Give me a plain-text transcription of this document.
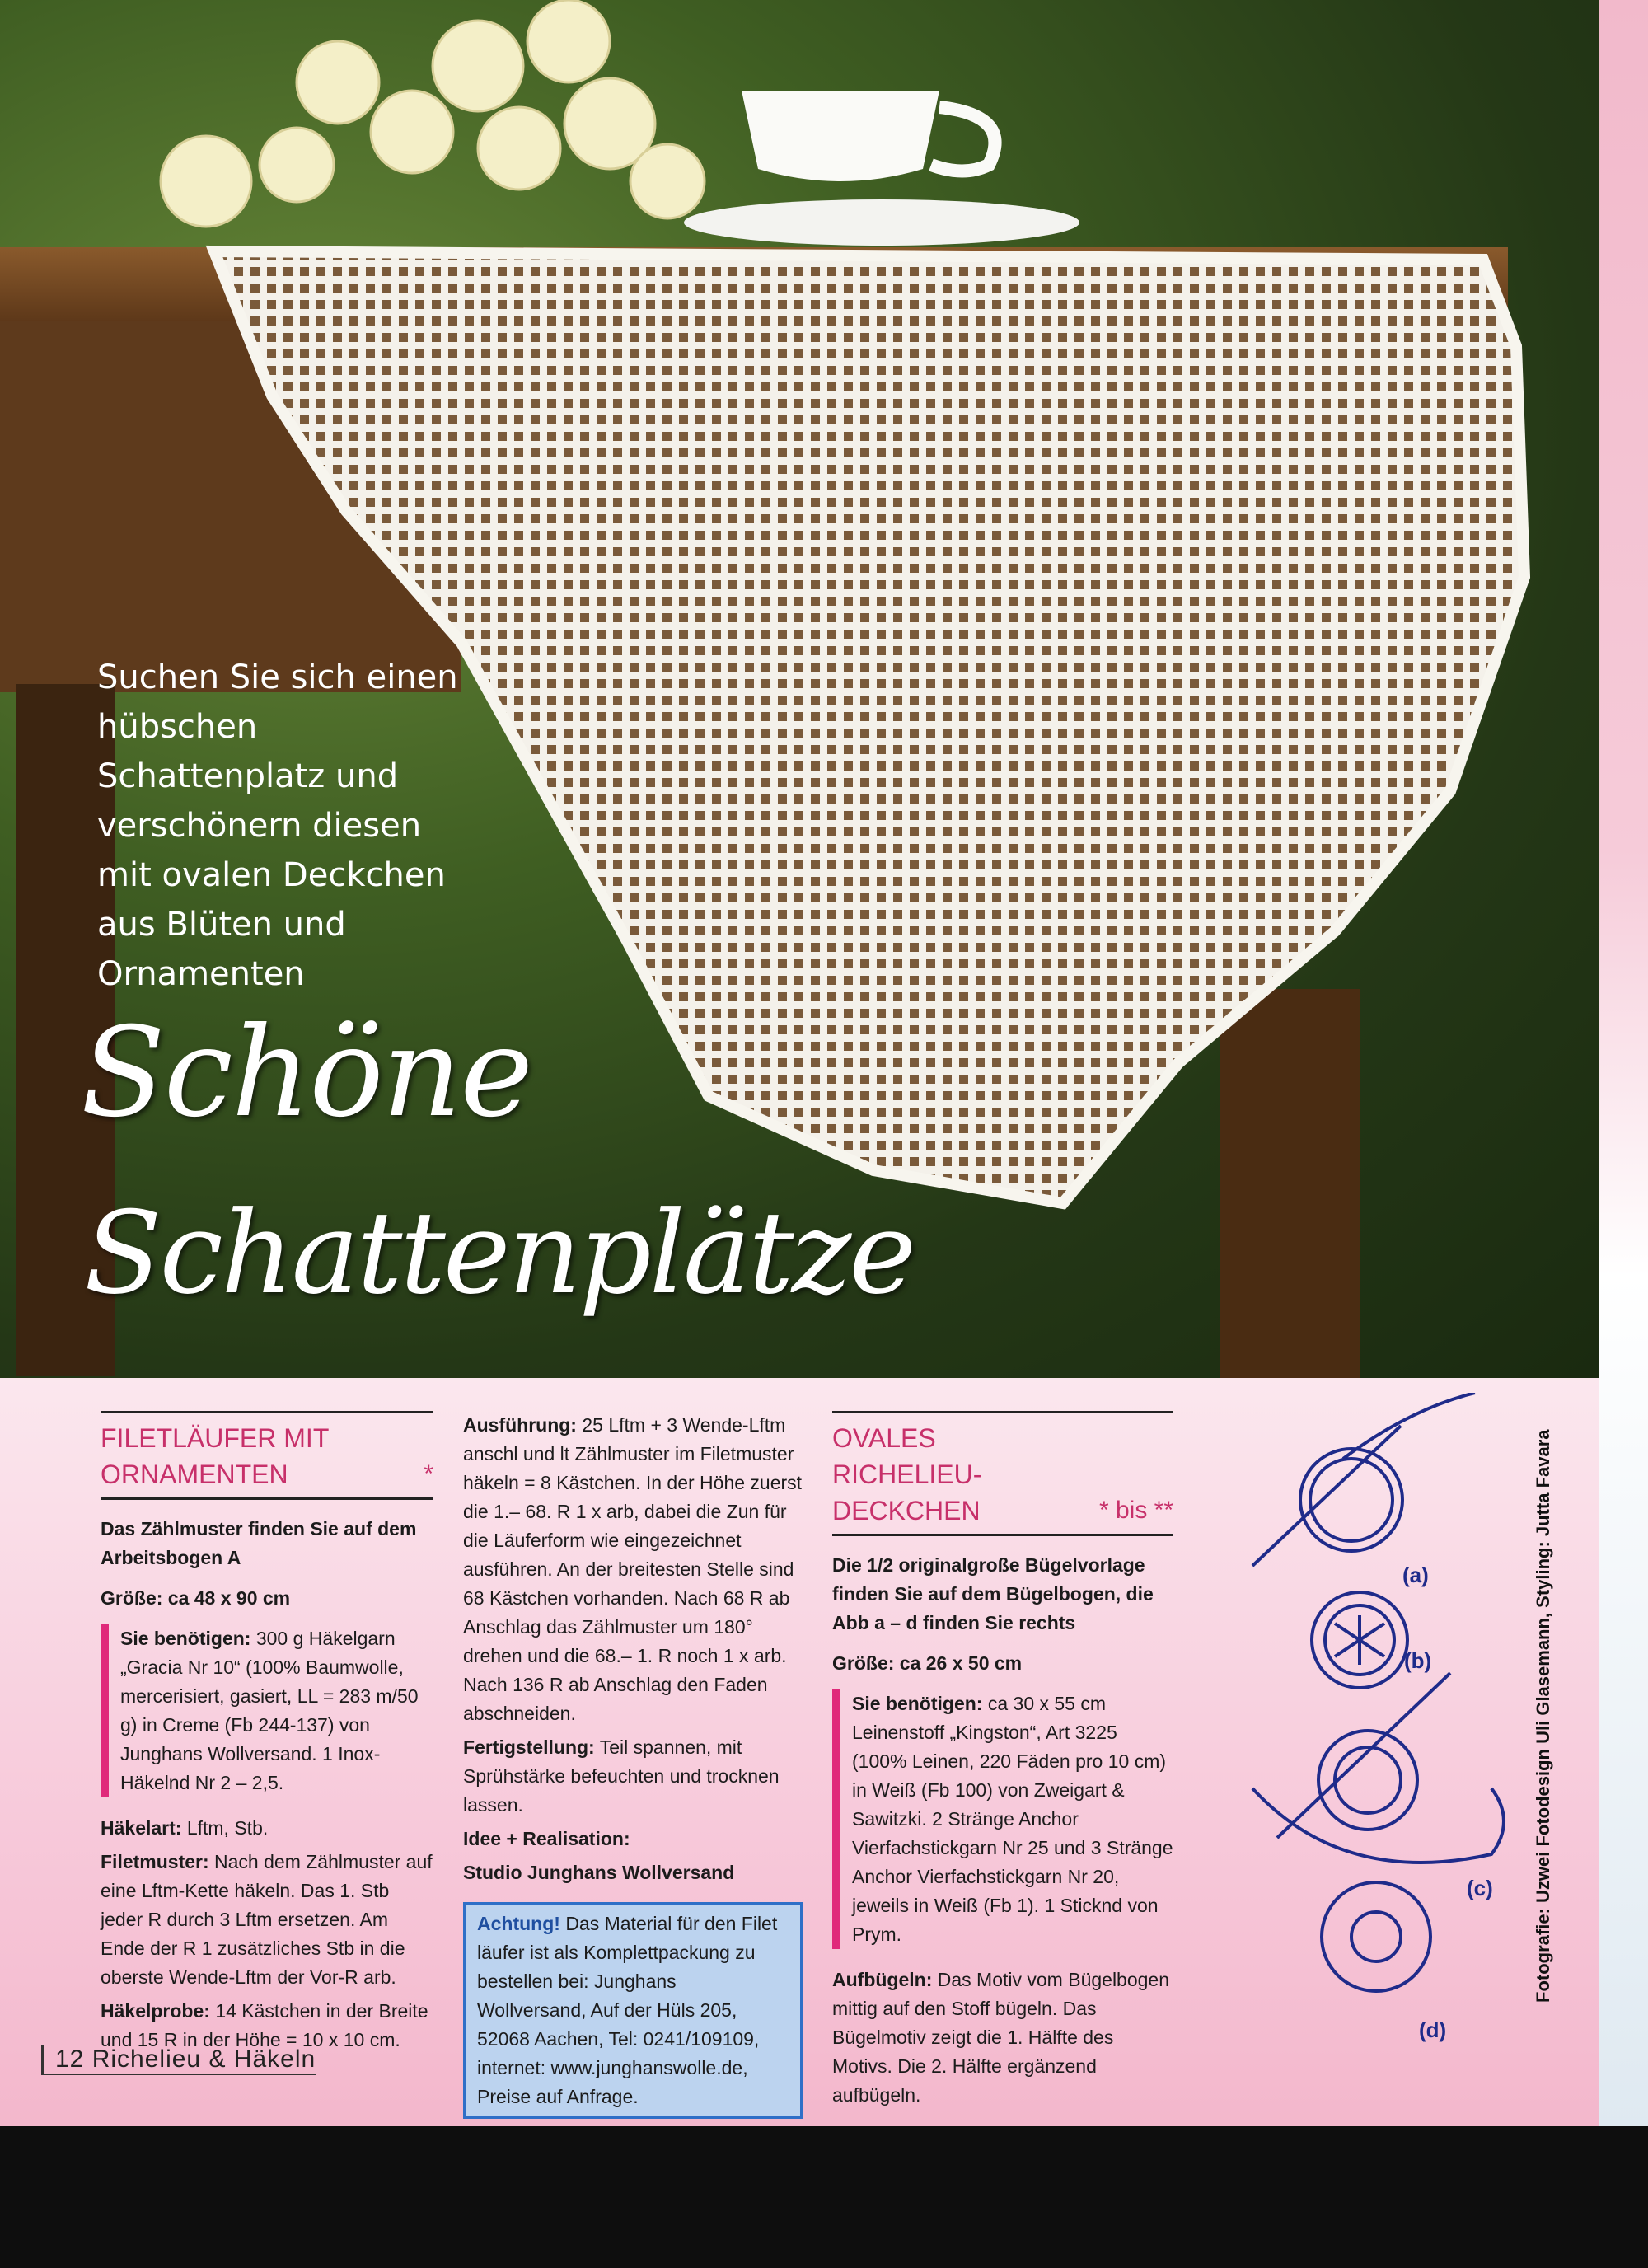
Suchen Sie sich einen hübschen Schattenplatz und verschönern diesen mit ovalen Deckchen aus Blüten und Ornamenten
Schöne
Schattenplätze
FILETLÄUFER MIT ORNAMENTEN	*

Das Zählmuster finden Sie auf dem Arbeitsbogen A

Größe: ca 48 x 90 cm

Sie benötigen: 300 g Häkelgarn „Gracia Nr 10“ (100% Baumwolle, mercerisiert, gasiert, LL = 283 m/50 g) in Creme (Fb 244-137) von Junghans Wollversand. 1 Inox-Häkelnd Nr 2 – 2,5.

Häkelart: Lftm, Stb.

Filetmuster: Nach dem Zählmuster auf eine Lftm-Kette häkeln. Das 1. Stb jeder R durch 3 Lftm ersetzen. Am Ende der R 1 zusätzliches Stb in die oberste Wende-Lftm der Vor-R arb.

Häkelprobe: 14 Kästchen in der Breite und 15 R in der Höhe = 10 x 10 cm.

Ausführung: 25 Lftm + 3 Wende-Lftm anschl und lt Zählmuster im Filetmuster häkeln = 8 Kästchen. In der Höhe zuerst die 1.– 68. R 1 x arb, dabei die Zun für die Läuferform wie eingezeichnet ausführen. An der breitesten Stelle sind 68 Kästchen vorhanden. Nach 68 R ab Anschlag das Zählmuster um 180° drehen und die 68.– 1. R noch 1 x arb. Nach 136 R ab Anschlag den Faden abschneiden.

Fertigstellung: Teil spannen, mit Sprühstärke befeuchten und trocknen lassen.

Idee + Realisation:

Studio Junghans Wollversand

Achtung! Das Material für den Filet läufer ist als Komplettpackung zu bestellen bei: Junghans Wollversand, Auf der Hüls 205, 52068 Aachen, Tel: 0241/109109, internet: www.junghanswolle.de, Preise auf Anfrage.
OVALES RICHELIEU-DECKCHEN	* bis **

Die 1/2 originalgroße Bügelvorlage finden Sie auf dem Bügelbogen, die Abb a – d finden Sie rechts

Größe: ca 26 x 50 cm

Sie benötigen: ca 30 x 55 cm Leinenstoff „Kingston“, Art 3225 (100% Leinen, 220 Fäden pro 10 cm) in Weiß (Fb 100) von Zweigart & Sawitzki. 2 Stränge Anchor Vierfachstickgarn Nr 25 und 3 Stränge Anchor Vierfachstickgarn Nr 20, jeweils in Weiß (Fb 1). 1 Sticknd von Prym.

Aufbügeln: Das Motiv vom Bügelbogen mittig auf den Stoff bügeln. Das Bügelmotiv zeigt die 1. Hälfte des Motivs. Die 2. Hälfte ergänzend aufbügeln.

(a)
(b)
(c)
(d)
12 Richelieu & Häkeln
Fotografie: Uzwei Fotodesign Uli Glasemann, Styling: Jutta Favara
